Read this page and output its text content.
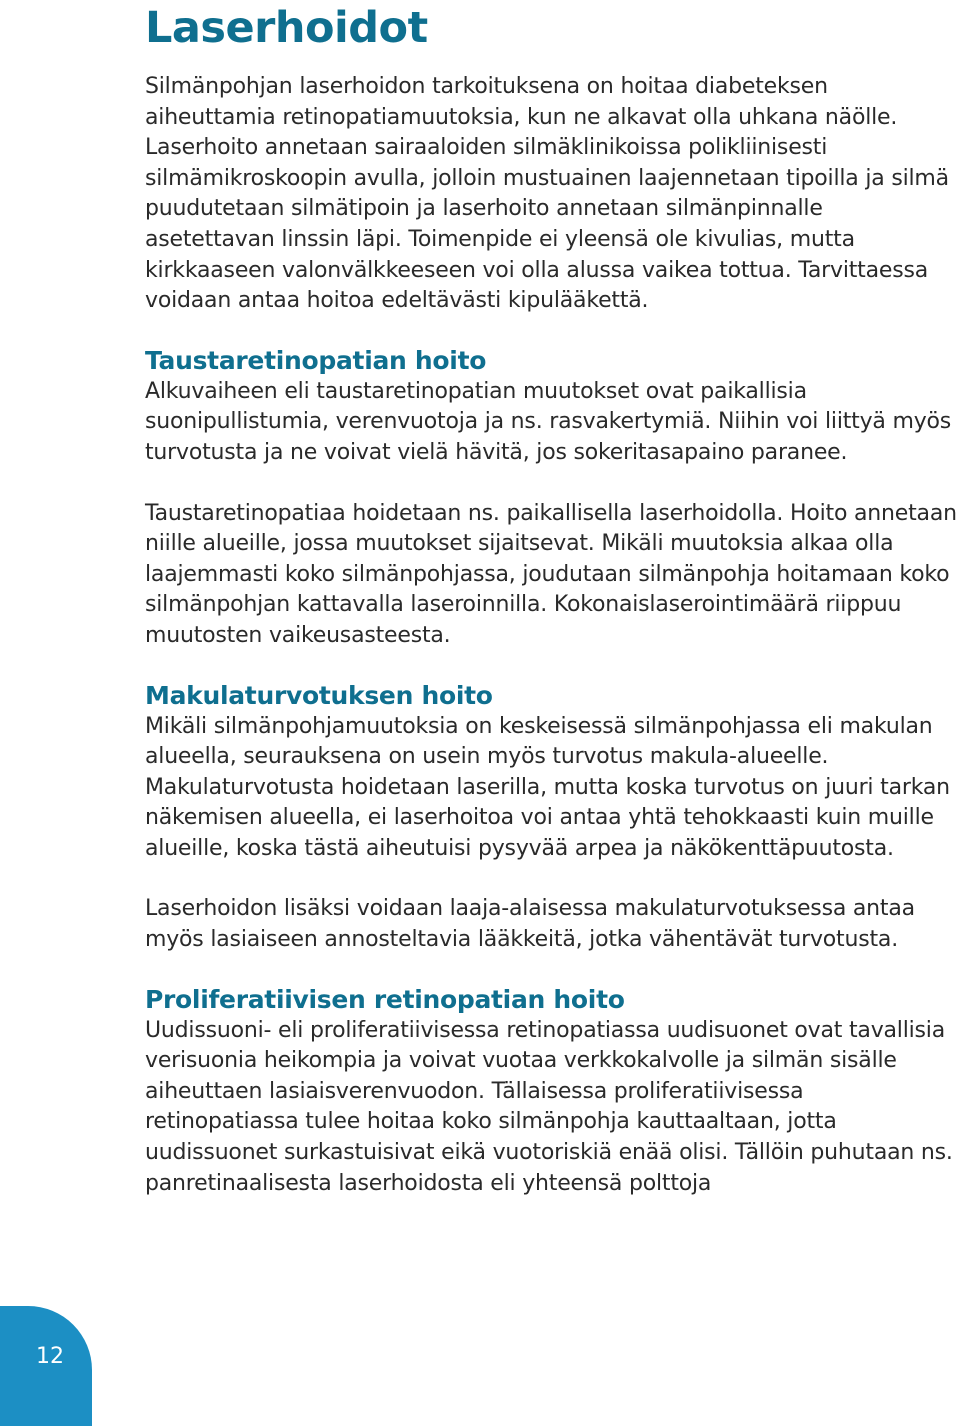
Laserhoidot

Silmänpohjan laserhoidon tarkoituksena on hoitaa diabeteksen aiheuttamia retinopatiamuutoksia, kun ne alkavat olla uhkana näölle. Laserhoito annetaan sairaaloiden silmäklinikoissa polikliinisesti silmämikroskoopin avulla, jolloin mustuainen laajennetaan tipoilla ja silmä puudutetaan silmätipoin ja laserhoito annetaan silmänpinnalle asetettavan linssin läpi. Toimenpide ei yleensä ole kivulias, mutta kirkkaaseen valonvälkkeeseen voi olla alussa vaikea tottua. Tarvittaessa voidaan antaa hoitoa edeltävästi kipulääkettä.

Taustaretinopatian hoito

Alkuvaiheen eli taustaretinopatian muutokset ovat paikallisia suonipullistumia, verenvuotoja ja ns. rasvakertymiä. Niihin voi liittyä myös turvotusta ja ne voivat vielä hävitä, jos sokeritasapaino paranee.

Taustaretinopatiaa hoidetaan ns. paikallisella laserhoidolla. Hoito annetaan niille alueille, jossa muutokset sijaitsevat. Mikäli muutoksia alkaa olla laajemmasti koko silmänpohjassa, joudutaan silmänpohja hoitamaan koko silmänpohjan kattavalla laseroinnilla. Kokonaislaserointimäärä riippuu muutosten vaikeusasteesta.

Makulaturvotuksen hoito

Mikäli silmänpohjamuutoksia on keskeisessä silmänpohjassa eli makulan alueella, seurauksena on usein myös turvotus makula-alueelle. Makulaturvotusta hoidetaan laserilla, mutta koska turvotus on juuri tarkan näkemisen alueella, ei laserhoitoa voi antaa yhtä tehokkaasti kuin muille alueille, koska tästä aiheutuisi pysyvää arpea ja näkökenttäpuutosta.

Laserhoidon lisäksi voidaan laaja-alaisessa makulaturvotuksessa antaa myös lasiaiseen annosteltavia lääkkeitä, jotka vähentävät turvotusta.

Proliferatiivisen retinopatian hoito

Uudissuoni- eli proliferatiivisessa retinopatiassa uudisuonet ovat tavallisia verisuonia heikompia ja voivat vuotaa verkkokalvolle ja silmän sisälle aiheuttaen lasiaisverenvuodon. Tällaisessa proliferatiivisessa retinopatiassa tulee hoitaa koko silmänpohja kauttaaltaan, jotta uudissuonet surkastuisivat eikä vuotoriskiä enää olisi. Tällöin puhutaan ns. panretinaalisesta laserhoidosta eli yhteensä polttoja

12
